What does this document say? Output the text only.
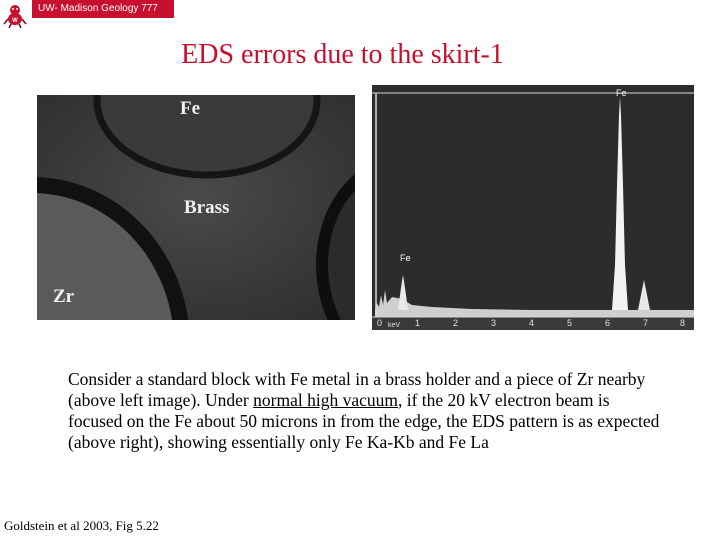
W
UW- Madison Geology 777
EDS errors due to the skirt-1
Fe
Brass
Zr
Fe
Fe
0	1	2	3	4	5	6	7	8
keV

Consider a standard block with Fe metal in a brass holder and a piece of Zr nearby (above left image). Under normal high vacuum, if the 20 kV electron beam is focused on the Fe about 50 microns in from the edge, the EDS pattern is as expected (above right), showing essentially only Fe Ka-Kb and Fe La

Goldstein et al 2003, Fig 5.22
